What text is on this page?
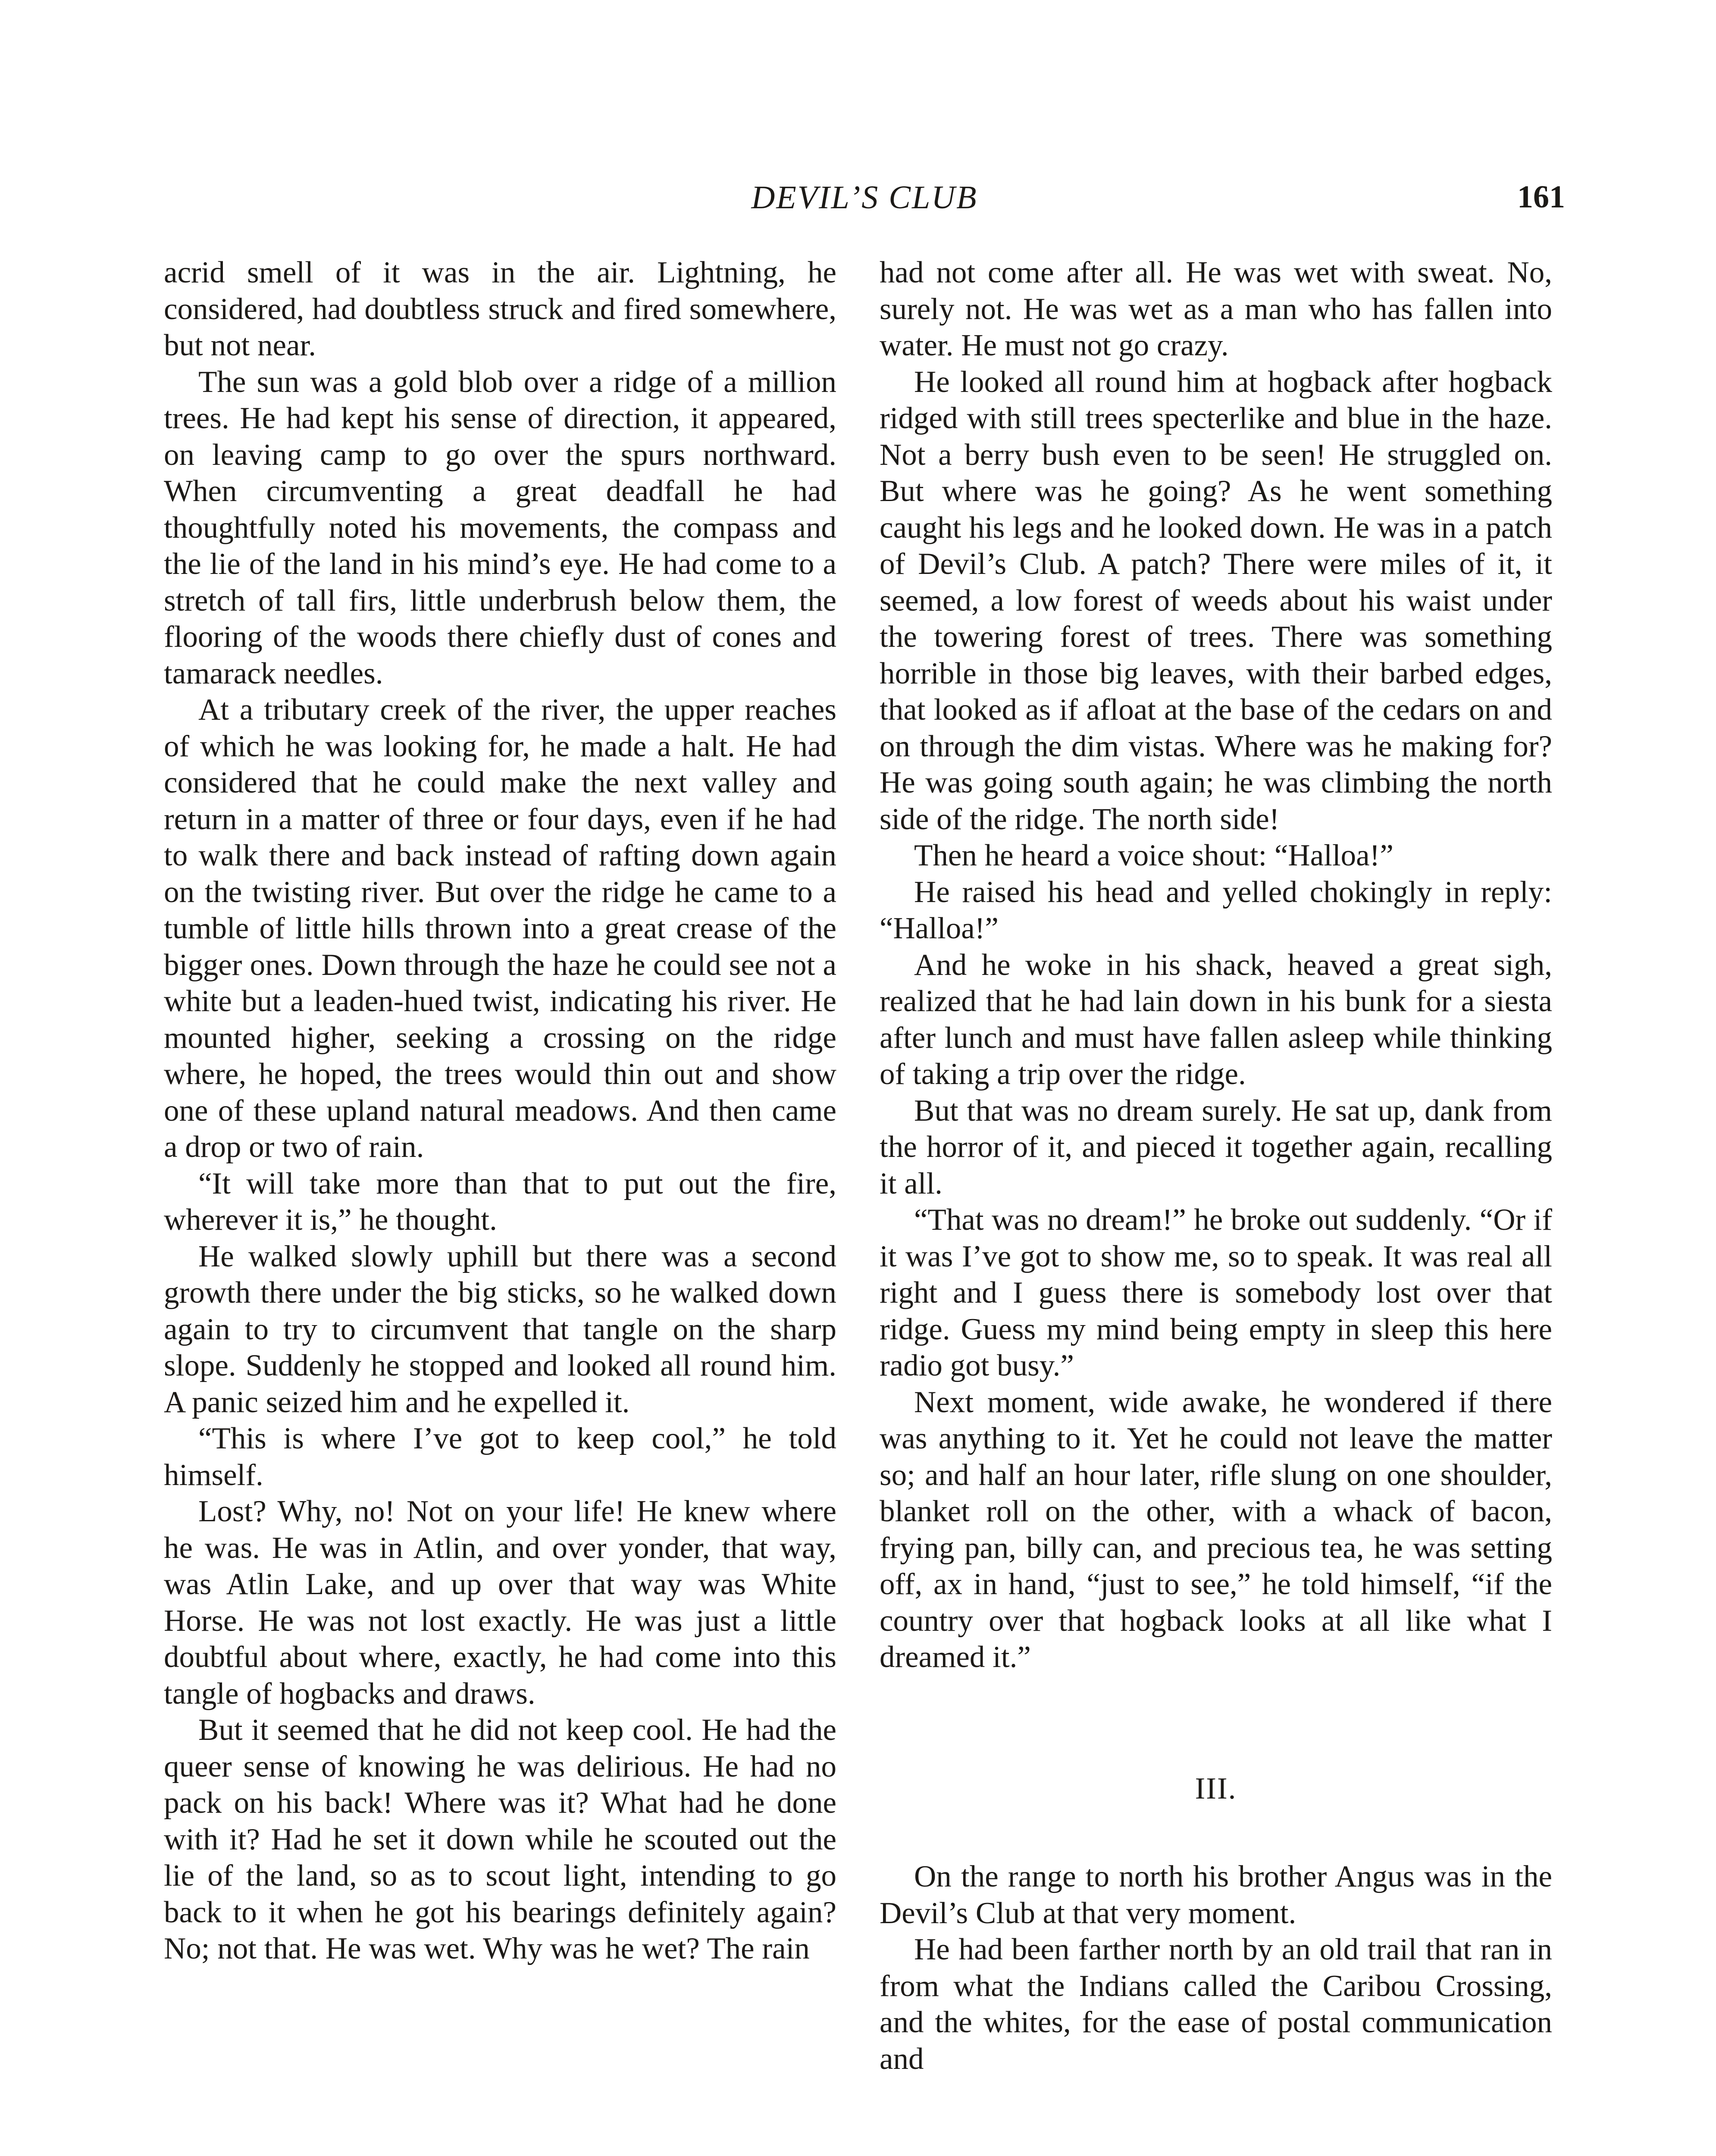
DEVIL’S CLUB	161

acrid smell of it was in the air. Lightning, he considered, had doubtless struck and fired somewhere, but not near.

The sun was a gold blob over a ridge of a million trees. He had kept his sense of direction, it appeared, on leaving camp to go over the spurs northward. When circumventing a great deadfall he had thoughtfully noted his movements, the compass and the lie of the land in his mind’s eye. He had come to a stretch of tall firs, little underbrush below them, the flooring of the woods there chiefly dust of cones and tamarack needles.

At a tributary creek of the river, the upper reaches of which he was looking for, he made a halt. He had considered that he could make the next valley and return in a matter of three or four days, even if he had to walk there and back instead of rafting down again on the twisting river. But over the ridge he came to a tumble of little hills thrown into a great crease of the bigger ones. Down through the haze he could see not a white but a leaden-hued twist, indicating his river. He mounted higher, seeking a crossing on the ridge where, he hoped, the trees would thin out and show one of these upland natural meadows. And then came a drop or two of rain.

“It will take more than that to put out the fire, wherever it is,” he thought.

He walked slowly uphill but there was a second growth there under the big sticks, so he walked down again to try to circumvent that tangle on the sharp slope. Suddenly he stopped and looked all round him. A panic seized him and he expelled it.

“This is where I’ve got to keep cool,” he told himself.

Lost? Why, no! Not on your life! He knew where he was. He was in Atlin, and over yonder, that way, was Atlin Lake, and up over that way was White Horse. He was not lost exactly. He was just a little doubtful about where, exactly, he had come into this tangle of hogbacks and draws.

But it seemed that he did not keep cool. He had the queer sense of knowing he was delirious. He had no pack on his back! Where was it? What had he done with it? Had he set it down while he scouted out the lie of the land, so as to scout light, intending to go back to it when he got his bearings definitely again? No; not that. He was wet. Why was he wet? The rain

had not come after all. He was wet with sweat. No, surely not. He was wet as a man who has fallen into water. He must not go crazy.

He looked all round him at hogback after hogback ridged with still trees specterlike and blue in the haze. Not a berry bush even to be seen! He struggled on. But where was he going? As he went something caught his legs and he looked down. He was in a patch of Devil’s Club. A patch? There were miles of it, it seemed, a low forest of weeds about his waist under the towering forest of trees. There was something horrible in those big leaves, with their barbed edges, that looked as if afloat at the base of the cedars on and on through the dim vistas. Where was he making for? He was going south again; he was climbing the north side of the ridge. The north side!

Then he heard a voice shout: “Halloa!”

He raised his head and yelled chokingly in reply: “Halloa!”

And he woke in his shack, heaved a great sigh, realized that he had lain down in his bunk for a siesta after lunch and must have fallen asleep while thinking of taking a trip over the ridge.

But that was no dream surely. He sat up, dank from the horror of it, and pieced it together again, recalling it all.

“That was no dream!” he broke out suddenly. “Or if it was I’ve got to show me, so to speak. It was real all right and I guess there is somebody lost over that ridge. Guess my mind being empty in sleep this here radio got busy.”

Next moment, wide awake, he wondered if there was anything to it. Yet he could not leave the matter so; and half an hour later, rifle slung on one shoulder, blanket roll on the other, with a whack of bacon, frying pan, billy can, and precious tea, he was setting off, ax in hand, “just to see,” he told himself, “if the country over that hogback looks at all like what I dreamed it.”

III.

On the range to north his brother Angus was in the Devil’s Club at that very moment.

He had been farther north by an old trail that ran in from what the Indians called the Caribou Crossing, and the whites, for the ease of postal communication and
